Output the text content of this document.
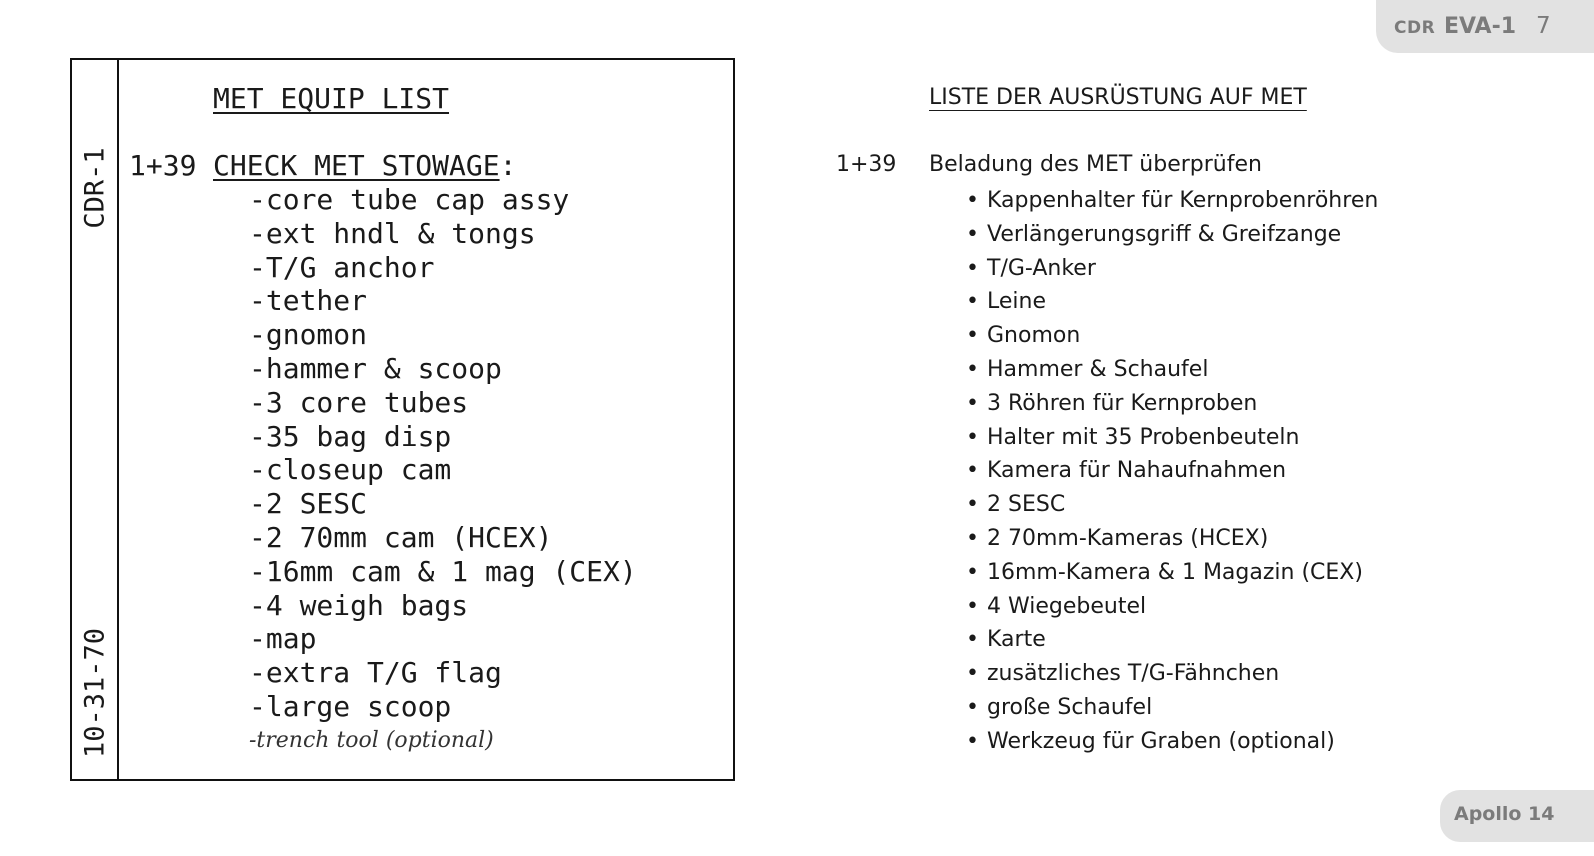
CDR EVA-1 7
CDR-1
10-31-70
MET EQUIP LIST
1+39 CHECK MET STOWAGE:
-core tube cap assy
-ext hndl & tongs
-T/G anchor
-tether
-gnomon
-hammer & scoop
-3 core tubes
-35 bag disp
-closeup cam
-2 SESC
-2 70mm cam (HCEX)
-16mm cam & 1 mag (CEX)
-4 weigh bags
-map
-extra T/G flag
-large scoop
-trench tool (optional)
LISTE DER AUSRÜSTUNG AUF MET
1+39 Beladung des MET überprüfen
• Kappenhalter für Kernprobenröhren
• Verlängerungsgriff & Greifzange
• T/G-Anker
• Leine
• Gnomon
• Hammer & Schaufel
• 3 Röhren für Kernproben
• Halter mit 35 Probenbeuteln
• Kamera für Nahaufnahmen
• 2 SESC
• 2 70mm-Kameras (HCEX)
• 16mm-Kamera & 1 Magazin (CEX)
• 4 Wiegebeutel
• Karte
• zusätzliches T/G-Fähnchen
• große Schaufel
• Werkzeug für Graben (optional)
Apollo 14
